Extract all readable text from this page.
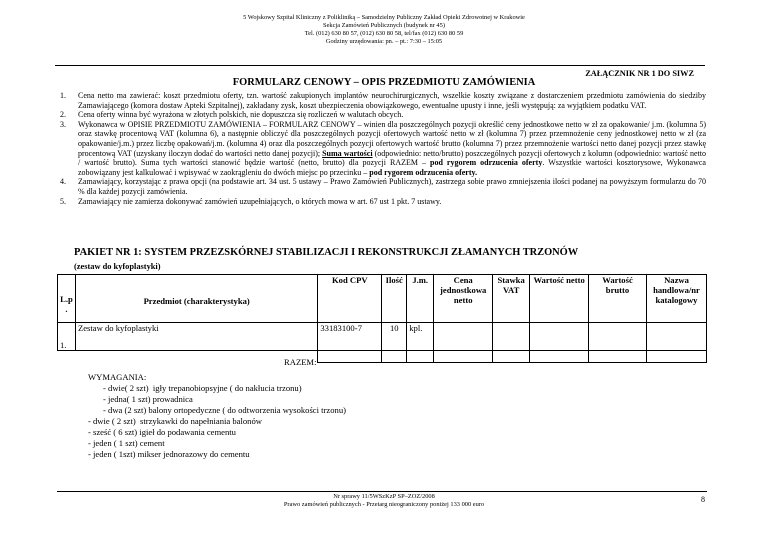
5 Wojskowy Szpital Kliniczny z Polikliniką – Samodzielny Publiczny Zakład Opieki Zdrowotnej w Krakowie
Sekcja Zamówień Publicznych (budynek nr 45)
Tel. (012) 630 80 57, (012) 630 80 58, tel/fax (012) 630 80 59
Godziny urzędowania: pn. – pt.: 7:30 – 15:05
ZAŁĄCZNIK NR 1 DO SIWZ
FORMULARZ CENOWY – OPIS PRZEDMIOTU ZAMÓWIENIA
1. Cena netto ma zawierać: koszt przedmiotu oferty, tzn. wartość zakupionych implantów neurochirurgicznych, wszelkie koszty związane z dostarczeniem przedmiotu zamówienia do siedziby Zamawiającego (komora dostaw Apteki Szpitalnej), zakładany zysk, koszt ubezpieczenia obowiązkowego, ewentualne upusty i inne, jeśli występują: za wyjątkiem podatku VAT.
2. Cena oferty winna być wyrażona w złotych polskich, nie dopuszcza się rozliczeń w walutach obcych.
3. Wykonawca w OPISIE PRZEDMIOTU ZAMÓWIENIA – FORMULARZ CENOWY – winien dla poszczególnych pozycji określić ceny jednostkowe netto w zł za opakowanie/ j.m. (kolumna 5) oraz stawkę procentową VAT (kolumna 6), a następnie obliczyć dla poszczególnych pozycji ofertowych wartość netto w zł (kolumna 7) przez przemnożenie ceny jednostkowej netto w zł (za opakowanie/j.m.) przez liczbę opakowań/j.m. (kolumna 4) oraz dla poszczególnych pozycji ofertowych wartość brutto (kolumna 7) przez przemnożenie wartości netto danej pozycji przez stawkę procentową VAT (uzyskany iloczyn dodać do wartości netto danej pozycji); Suma wartości (odpowiednio: netto/brutto) poszczególnych pozycji ofertowych z kolumn (odpowiednio: wartość netto / wartość brutto). Suma tych wartości stanowić będzie wartość (netto, brutto) dla pozycji RAZEM – pod rygorem odrzucenia oferty. Wszystkie wartości kosztorysowe, Wykonawca zobowiązany jest kalkulować i wpisywać w zaokrągleniu do dwóch miejsc po przecinku – pod rygorem odrzucenia oferty.
4. Zamawiający, korzystając z prawa opcji (na podstawie art. 34 ust. 5 ustawy – Prawo Zamówień Publicznych), zastrzega sobie prawo zmniejszenia ilości podanej na powyższym formularzu do 70 % dla każdej pozycji zamówienia.
5. Zamawiający nie zamierza dokonywać zamówień uzupełniających, o których mowa w art. 67 ust 1 pkt. 7 ustawy.
PAKIET NR 1: SYSTEM PRZEZSKÓRNEJ STABILIZACJI I REKONSTRUKCJI ZŁAMANYCH TRZONÓW
(zestaw do kyfoplastyki)
L.p .	Przedmiot (charakterystyka)	Kod CPV	Ilość	J.m.	Cena jednostkowa netto	Stawka VAT	Wartość netto	Wartość brutto	Nazwa handlowa/nr katalogowy
1.	Zestaw do kyfoplastyki	33183100-7	10	kpl.					

RAZEM:
WYMAGANIA:
- dwie( 2 szt)  igły trepanobiopsyjne ( do nakłucia trzonu)
- jedna( 1 szt) prowadnica
- dwa (2 szt) balony ortopedyczne ( do odtworzenia wysokości trzonu)
- dwie ( 2 szt)  strzykawki do napełniania balonów
- sześć ( 6 szt) igieł do podawania cementu
- jeden ( 1 szt) cement
- jeden ( 1szt) mikser jednorazowy do cementu
Nr sprawy 11/5WSzKzP SP–ZOZ/2008
Prawo zamówień publicznych - Przetarg nieograniczony poniżej 133 000 euro
8
